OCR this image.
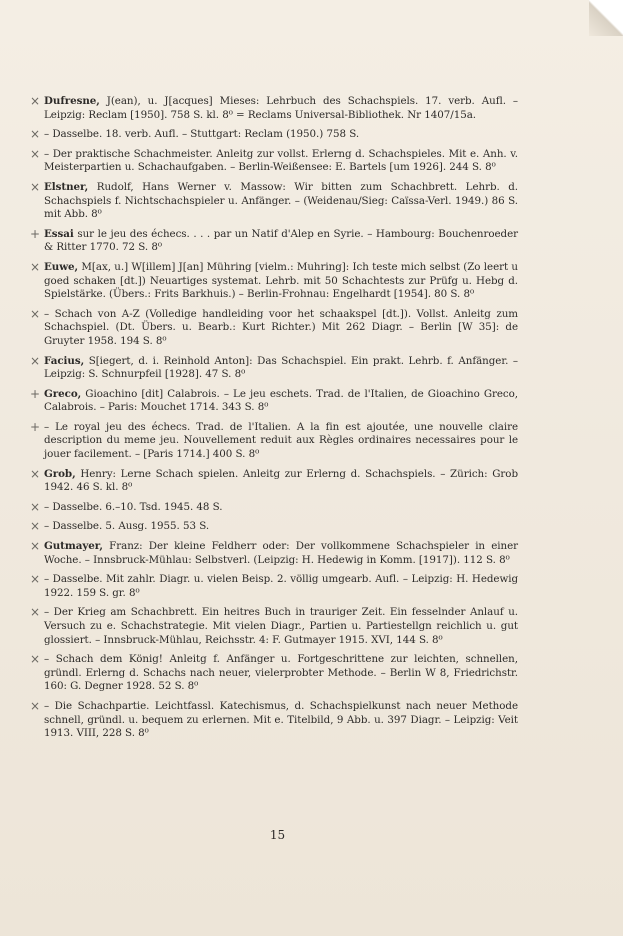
× Dufresne, J(ean), u. J[acques] Mieses: Lehrbuch des Schachspiels. 17. verb. Aufl. – Leipzig: Reclam [1950]. 758 S. kl. 8⁰ = Reclams Universal-Bibliothek. Nr 1407/15a.
× – Dasselbe. 18. verb. Aufl. – Stuttgart: Reclam (1950.) 758 S.
× – Der praktische Schachmeister. Anleitg zur vollst. Erlerng d. Schachspieles. Mit e. Anh. v. Meisterpartien u. Schachaufgaben. – Berlin-Weißensee: E. Bartels [um 1926]. 244 S. 8⁰
× Elstner, Rudolf, Hans Werner v. Massow: Wir bitten zum Schachbrett. Lehrb. d. Schachspiels f. Nichtschachspieler u. Anfänger. – (Weidenau/Sieg: Caïssa-Verl. 1949.) 86 S. mit Abb. 8⁰
+ Essai sur le jeu des échecs. . . . par un Natif d'Alep en Syrie. – Hambourg: Bouchenroeder & Ritter 1770. 72 S. 8⁰
× Euwe, M[ax, u.] W[illem] J[an] Mühring [vielm.: Muhring]: Ich teste mich selbst (Zo leert u goed schaken [dt.]) Neuartiges systemat. Lehrb. mit 50 Schachtests zur Prüfg u. Hebg d. Spielstärke. (Übers.: Frits Barkhuis.) – Berlin-Frohnau: Engelhardt [1954]. 80 S. 8⁰
× – Schach von A-Z (Volledige handleiding voor het schaakspel [dt.]). Vollst. Anleitg zum Schachspiel. (Dt. Übers. u. Bearb.: Kurt Richter.) Mit 262 Diagr. – Berlin [W 35]: de Gruyter 1958. 194 S. 8⁰
× Facius, S[iegert, d. i. Reinhold Anton]: Das Schachspiel. Ein prakt. Lehrb. f. Anfänger. – Leipzig: S. Schnurpfeil [1928]. 47 S. 8⁰
+ Greco, Gioachino [dit] Calabrois. – Le jeu eschets. Trad. de l'Italien, de Gioachino Greco, Calabrois. – Paris: Mouchet 1714. 343 S. 8⁰
+ – Le royal jeu des échecs. Trad. de l'Italien. A la fin est ajoutée, une nouvelle claire description du meme jeu. Nouvellement reduit aux Règles ordinaires necessaires pour le jouer facilement. – [Paris 1714.] 400 S. 8⁰
× Grob, Henry: Lerne Schach spielen. Anleitg zur Erlerng d. Schachspiels. – Zürich: Grob 1942. 46 S. kl. 8⁰
× – Dasselbe. 6.–10. Tsd. 1945. 48 S.
× – Dasselbe. 5. Ausg. 1955. 53 S.
× Gutmayer, Franz: Der kleine Feldherr oder: Der vollkommene Schachspieler in einer Woche. – Innsbruck-Mühlau: Selbstverl. (Leipzig: H. Hedewig in Komm. [1917]). 112 S. 8⁰
× – Dasselbe. Mit zahlr. Diagr. u. vielen Beisp. 2. völlig umgearb. Aufl. – Leipzig: H. Hedewig 1922. 159 S. gr. 8⁰
× – Der Krieg am Schachbrett. Ein heitres Buch in trauriger Zeit. Ein fesselnder Anlauf u. Versuch zu e. Schachstrategie. Mit vielen Diagr., Partien u. Partiestellgn reichlich u. gut glossiert. – Innsbruck-Mühlau, Reichsstr. 4: F. Gutmayer 1915. XVI, 144 S. 8⁰
× – Schach dem König! Anleitg f. Anfänger u. Fortgeschrittene zur leichten, schnellen, gründl. Erlerng d. Schachs nach neuer, vielerprobter Methode. – Berlin W 8, Friedrichstr. 160: G. Degner 1928. 52 S. 8⁰
× – Die Schachpartie. Leichtfassl. Katechismus, d. Schachspielkunst nach neuer Methode schnell, gründl. u. bequem zu erlernen. Mit e. Titelbild, 9 Abb. u. 397 Diagr. – Leipzig: Veit 1913. VIII, 228 S. 8⁰
15
